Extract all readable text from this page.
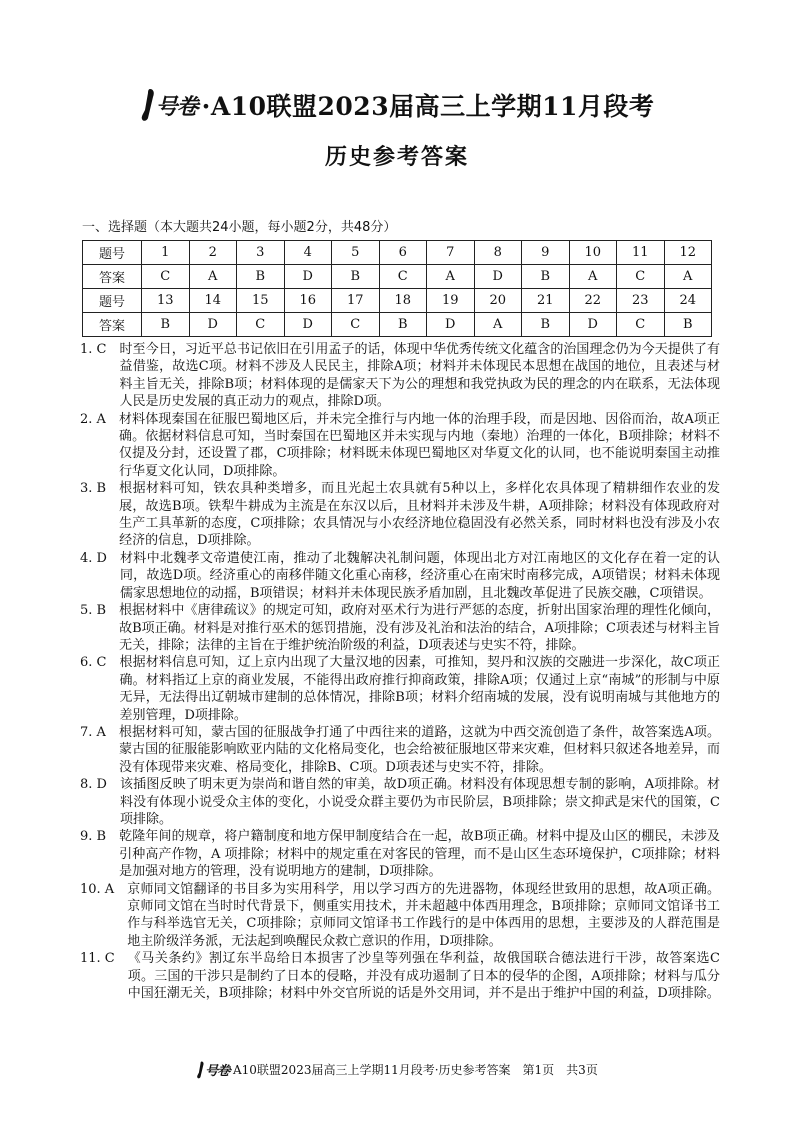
号卷 ·A10联盟2023届高三上学期11月段考
历史参考答案
一、选择题（本大题共24小题，每小题2分，共48分）
题号	1	2	3	4	5	6	7	8	9	10	11	12
答案	C	A	B	D	B	C	A	D	B	A	C	A
题号	13	14	15	16	17	18	19	20	21	22	23	24
答案	B	D	C	D	C	B	D	A	B	D	C	B
1. C　 时至今日，习近平总书记依旧在引用孟子的话，体现中华优秀传统文化蕴含的治国理念仍为今天提供了有益借鉴，故选C项。材料不涉及人民民主，排除A项；材料并未体现民本思想在战国的地位，且表述与材料主旨无关，排除B项；材料体现的是儒家天下为公的理想和我党执政为民的理念的内在联系，无法体现人民是历史发展的真正动力的观点，排除D项。
2. A　 材料体现秦国在征服巴蜀地区后，并未完全推行与内地一体的治理手段，而是因地、因俗而治，故A项正确。依据材料信息可知，当时秦国在巴蜀地区并未实现与内地（秦地）治理的一体化，B项排除；材料不仅提及分封，还设置了郡，C项排除；材料既未体现巴蜀地区对华夏文化的认同，也不能说明秦国主动推行华夏文化认同，D项排除。
3. B　 根据材料可知，铁农具种类增多，而且光起土农具就有5种以上，多样化农具体现了精耕细作农业的发展，故选B项。铁犁牛耕成为主流是在东汉以后，且材料并未涉及牛耕，A项排除；材料没有体现政府对生产工具革新的态度，C项排除；农具情况与小农经济地位稳固没有必然关系，同时材料也没有涉及小农经济的信息，D项排除。
4. D　 材料中北魏孝文帝遣使江南，推动了北魏解决礼制问题，体现出北方对江南地区的文化存在着一定的认同，故选D项。经济重心的南移伴随文化重心南移，经济重心在南宋时南移完成，A项错误；材料未体现儒家思想地位的动摇，B项错误；材料并未体现民族矛盾加剧，且北魏改革促进了民族交融，C项错误。
5. B　 根据材料中《唐律疏议》的规定可知，政府对巫术行为进行严惩的态度，折射出国家治理的理性化倾向，故B项正确。材料是对推行巫术的惩罚措施，没有涉及礼治和法治的结合，A项排除；C项表述与材料主旨无关，排除；法律的主旨在于维护统治阶级的利益，D项表述与史实不符，排除。
6. C　 根据材料信息可知，辽上京内出现了大量汉地的因素，可推知，契丹和汉族的交融进一步深化，故C项正确。材料指辽上京的商业发展，不能得出政府推行抑商政策，排除A项；仅通过上京“南城”的形制与中原无异，无法得出辽朝城市建制的总体情况，排除B项；材料介绍南城的发展，没有说明南城与其他地方的差别管理，D项排除。
7. A　 根据材料可知，蒙古国的征服战争打通了中西往来的道路，这就为中西交流创造了条件，故答案选A项。蒙古国的征服能影响欧亚内陆的文化格局变化，也会给被征服地区带来灾难，但材料只叙述各地差异，而没有体现带来灾难、格局变化，排除B、C项。D项表述与史实不符，排除。
8. D　 该插图反映了明末更为崇尚和谐自然的审美，故D项正确。材料没有体现思想专制的影响，A项排除。材料没有体现小说受众主体的变化，小说受众群主要仍为市民阶层，B项排除；崇文抑武是宋代的国策，C项排除。
9. B　 乾隆年间的规章，将户籍制度和地方保甲制度结合在一起，故B项正确。材料中提及山区的棚民，未涉及引种高产作物，A 项排除；材料中的规定重在对客民的管理，而不是山区生态环境保护，C项排除；材料是加强对地方的管理，没有说明地方的建制，D项排除。
10. A　 京师同文馆翻译的书目多为实用科学，用以学习西方的先进器物，体现经世致用的思想，故A项正确。京师同文馆在当时时代背景下，侧重实用技术，并未超越中体西用理念，B项排除；京师同文馆译书工作与科举选官无关，C项排除；京师同文馆译书工作践行的是中体西用的思想，主要涉及的人群范围是地主阶级洋务派，无法起到唤醒民众救亡意识的作用，D项排除。
11. C　 《马关条约》割辽东半岛给日本损害了沙皇等列强在华利益，故俄国联合德法进行干涉，故答案选C项。三国的干涉只是制约了日本的侵略，并没有成功遏制了日本的侵华的企图，A项排除；材料与瓜分中国狂潮无关，B项排除；材料中外交官所说的话是外交用词，并不是出于维护中国的利益，D项排除。
号卷 ·A10联盟2023届高三上学期11月段考·历史参考答案　第1页　共3页
